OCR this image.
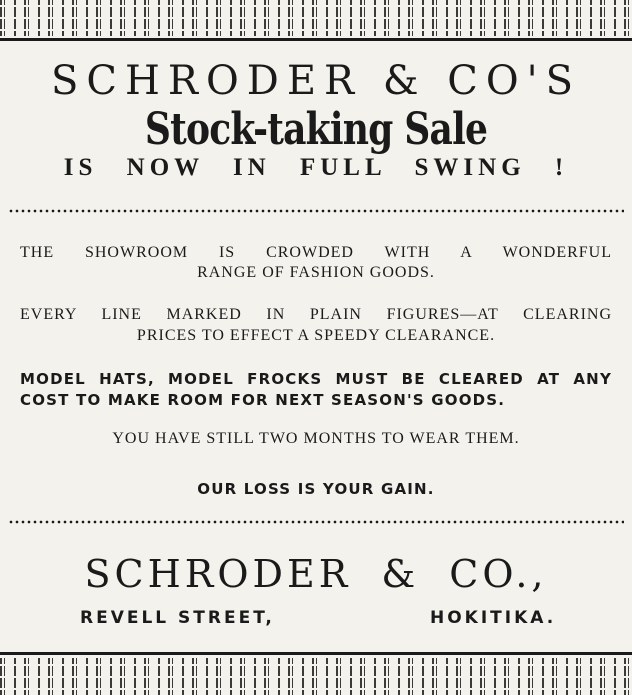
SCHRODER & CO'S
Stock-taking Sale
IS NOW IN FULL SWING !
THE SHOWROOM IS CROWDED WITH A WONDERFUL
RANGE OF FASHION GOODS.
EVERY LINE MARKED IN PLAIN FIGURES—AT CLEARING
PRICES TO EFFECT A SPEEDY CLEARANCE.
MODEL HATS, MODEL FROCKS MUST BE CLEARED AT ANY
COST TO MAKE ROOM FOR NEXT SEASON'S GOODS.
YOU HAVE STILL TWO MONTHS TO WEAR THEM.
OUR LOSS IS YOUR GAIN.
SCHRODER & CO.,
REVELL STREET,	HOKITIKA.
